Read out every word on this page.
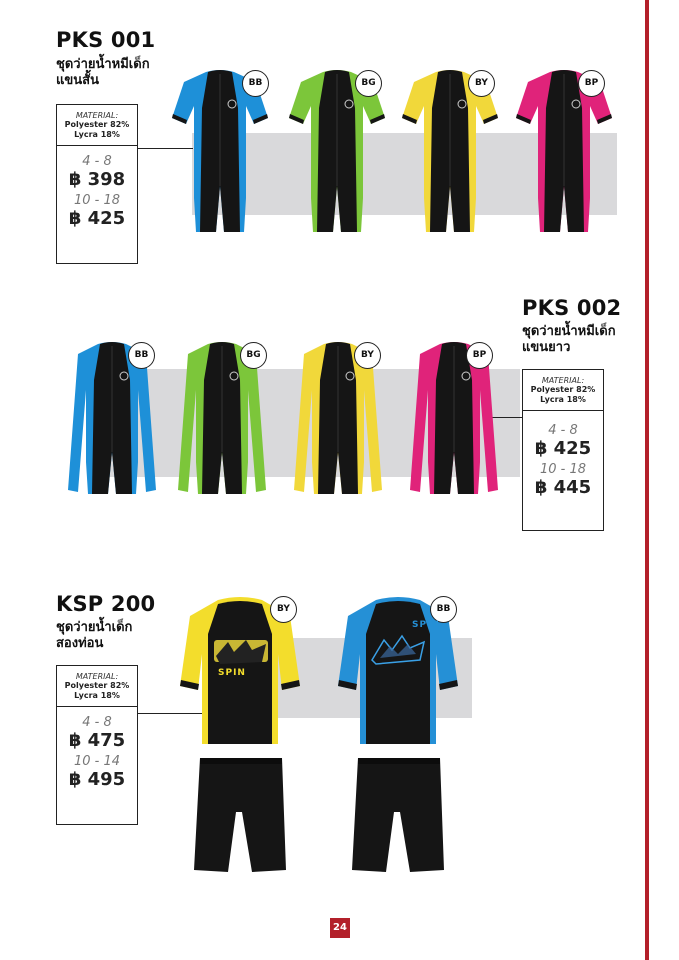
PKS 001
ชุดว่ายน้ำหมีเด็ก
แขนสั้น
MATERIAL:
Polyester 82%
Lycra 18%
4 - 8
฿ 398
10 - 18
฿ 425
BB	BG	BY	BP
PKS 002
ชุดว่ายน้ำหมีเด็ก
แขนยาว
MATERIAL:
Polyester 82%
Lycra 18%
4 - 8
฿ 425
10 - 18
฿ 445
BB	BG	BY	BP
KSP 200
ชุดว่ายน้ำเด็ก
สองท่อน
MATERIAL:
Polyester 82%
Lycra 18%
4 - 8
฿ 475
10 - 14
฿ 495
BY
SPIN
BB
SPIN
24
